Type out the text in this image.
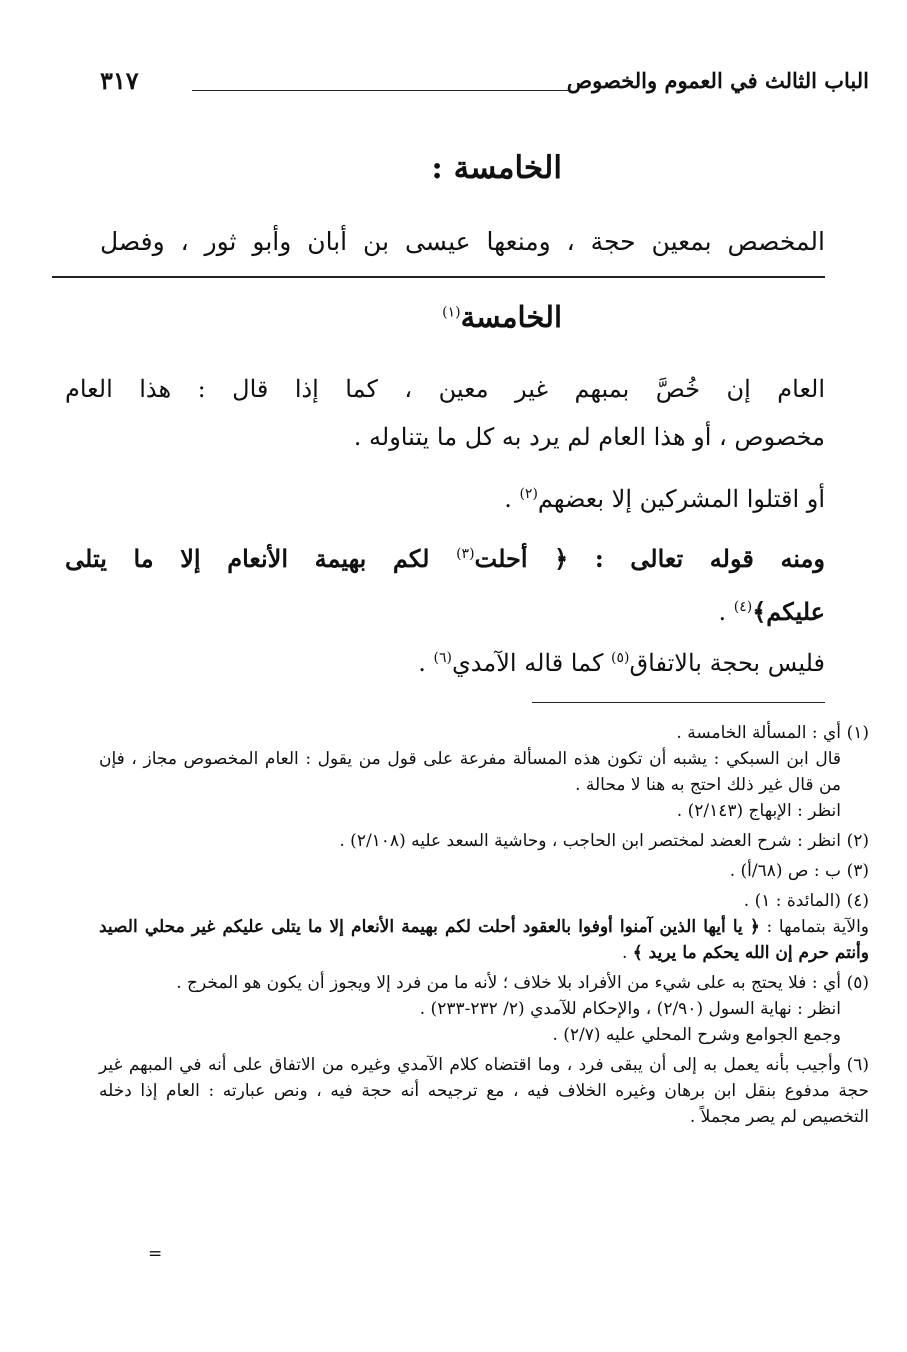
الباب الثالث في العموم والخصوص
٣١٧
الخامسة :
المخصص بمعين حجة ، ومنعها عيسى بن أبان وأبو ثور ، وفصل
الخامسة$^{(١)}$
العام إن خُصَّ بمبهم غير معين ، كما إذا قال : هذا العام
مخصوص ، أو هذا العام لم يرد به كل ما يتناوله .
أو اقتلوا المشركين إلا بعضهم$^{(٢)}$ .
ومنه قوله تعالى : ﴿ أحلت$^{(٣)}$ لكم بهيمة الأنعام إلا ما يتلى
عليكم﴾$^{(٤)}$ .
فليس بحجة بالاتفاق$^{(٥)}$ كما قاله الآمدي$^{(٦)}$ .
(١)أي : المسألة الخامسة .
قال ابن السبكي : يشبه أن تكون هذه المسألة مفرعة على قول من يقول : العام المخصوص مجاز ، فإن من قال غير ذلك احتج به هنا لا محالة .
انظر : الإبهاج (٢/١٤٣) .
(٢)انظر : شرح العضد لمختصر ابن الحاجب ، وحاشية السعد عليه (٢/١٠٨) .
(٣)ب : ص (٦٨/أ) .
(٤)(المائدة : ١) .
والآية بتمامها : ﴿ يا أيها الذين آمنوا أوفوا بالعقود أحلت لكم بهيمة الأنعام إلا ما يتلى عليكم غير محلي الصيد وأنتم حرم إن الله يحكم ما يريد ﴾ .
(٥)أي : فلا يحتج به على شيء من الأفراد بلا خلاف ؛ لأنه ما من فرد إلا ويجوز أن يكون هو المخرج .
انظر : نهاية السول (٢/٩٠) ، والإحكام للآمدي (٢/ ٢٣٢-٢٣٣) .
وجمع الجوامع وشرح المحلي عليه (٢/٧) .
(٦)وأجيب بأنه يعمل به إلى أن يبقى فرد ، وما اقتضاه كلام الآمدي وغيره من الاتفاق على أنه في المبهم غير حجة مدفوع بنقل ابن برهان وغيره الخلاف فيه ، مع ترجيحه أنه حجة فيه ، ونص عبارته : العام إذا دخله التخصيص لم يصر مجملاً .
=
